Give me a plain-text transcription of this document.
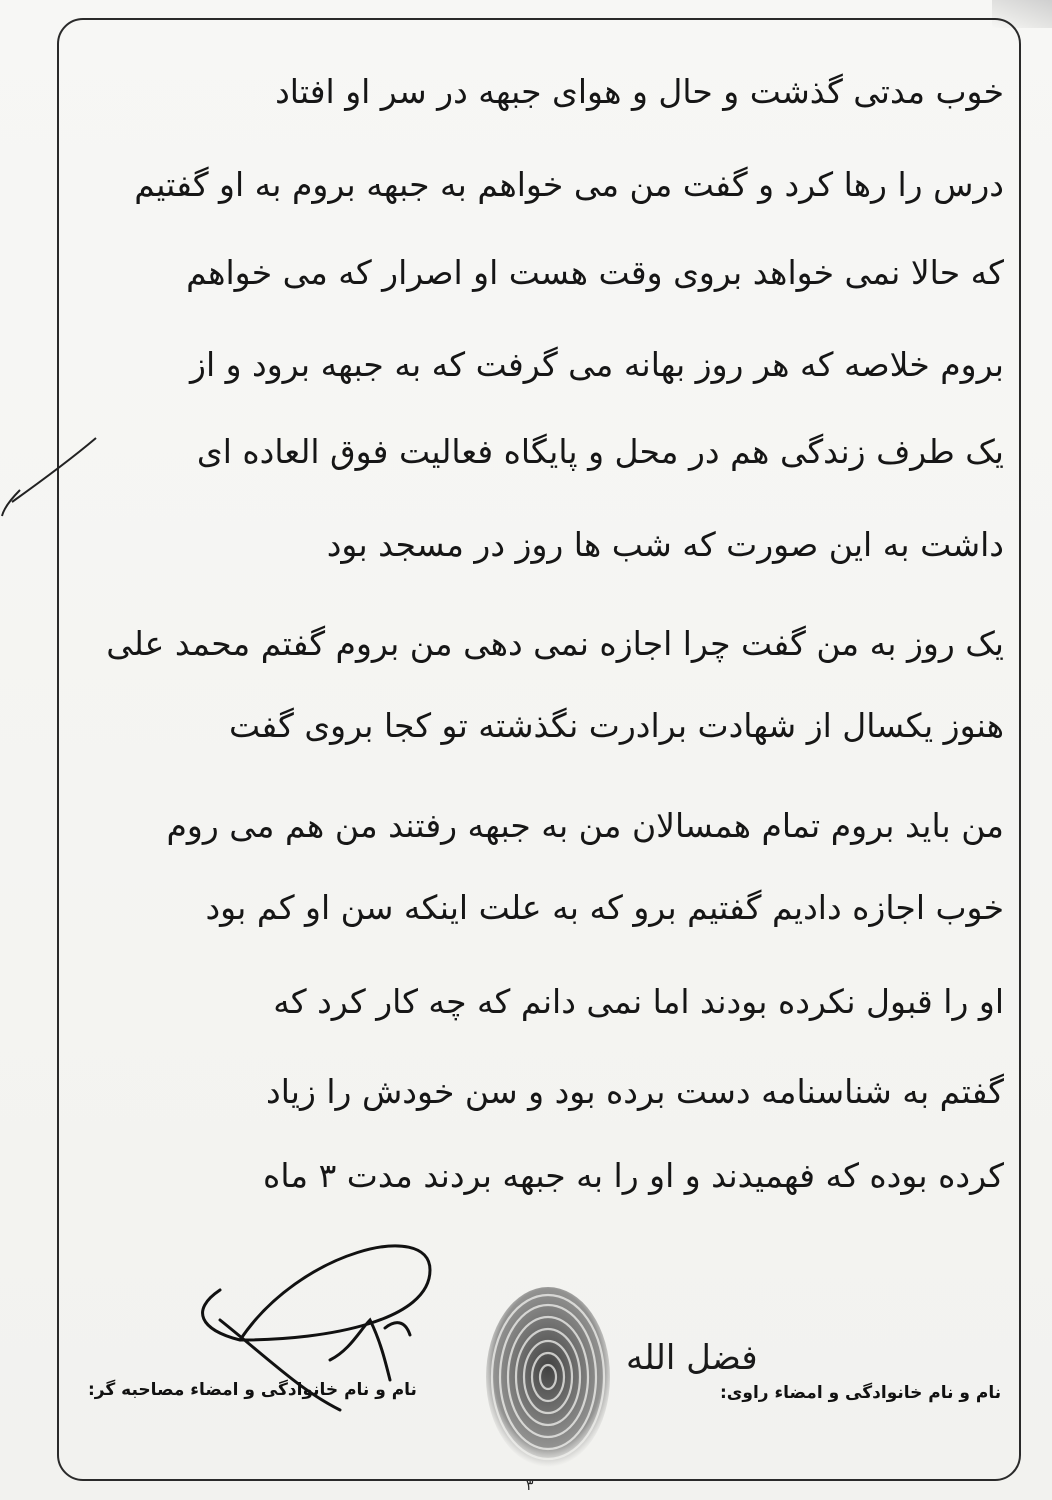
خوب مدتی گذشت و حال و هوای جبهه در سر او افتاد
درس را رها کرد و گفت من می خواهم به جبهه بروم به او گفتیم
که حالا نمی خواهد بروی وقت هست او اصرار که می خواهم
بروم خلاصه که هر روز بهانه می گرفت که به جبهه برود و از
یک طرف زندگی هم در محل و پایگاه فعالیت فوق العاده ای
داشت به این صورت که شب ها روز در مسجد بود
یک روز به من گفت چرا اجازه نمی دهی من بروم گفتم محمد علی
هنوز یکسال از شهادت برادرت نگذشته تو کجا بروی گفت
من باید بروم تمام همسالان من به جبهه رفتند من هم می روم
خوب اجازه دادیم گفتیم برو که به علت اینکه سن او کم بود
او را قبول نکرده بودند اما نمی دانم که چه کار کرد که
گفتم به شناسنامه دست برده بود و سن خودش را زیاد
کرده بوده که فهمیدند و او را به جبهه بردند مدت ۳ ماه
فضل الله
نام و نام خانوادگی و امضاء راوی:
نام و نام خانوادگی و امضاء مصاحبه گر:
۳
